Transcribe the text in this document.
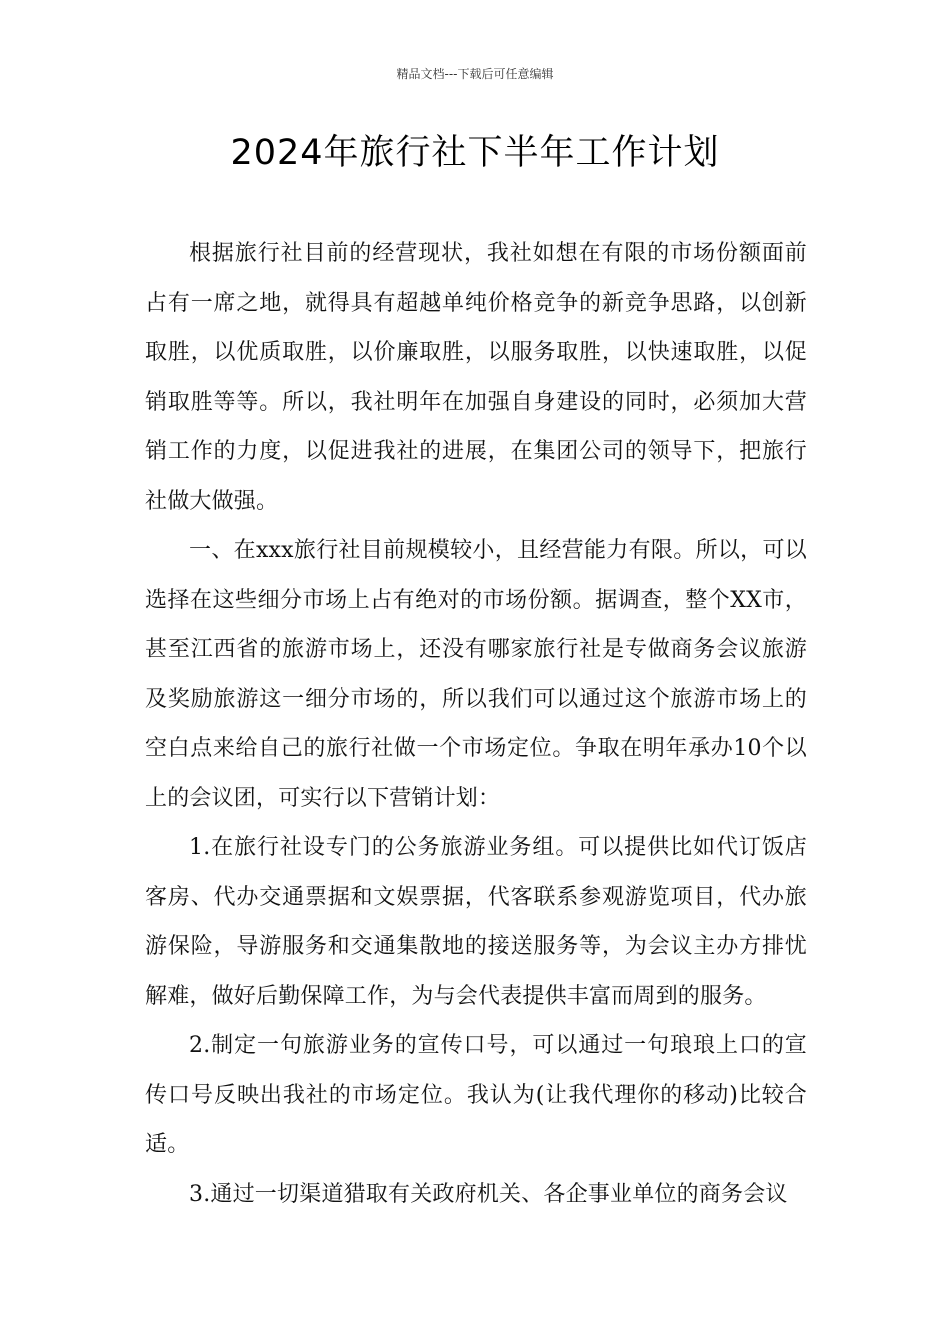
精品文档---下载后可任意编辑
2024年旅行社下半年工作计划

根据旅行社目前的经营现状，我社如想在有限的市场份额面前占有一席之地，就得具有超越单纯价格竞争的新竞争思路，以创新取胜，以优质取胜，以价廉取胜，以服务取胜，以快速取胜，以促销取胜等等。所以，我社明年在加强自身建设的同时，必须加大营销工作的力度，以促进我社的进展，在集团公司的领导下，把旅行社做大做强。

一、在xxx旅行社目前规模较小，且经营能力有限。所以，可以选择在这些细分市场上占有绝对的市场份额。据调查，整个XX市，甚至江西省的旅游市场上，还没有哪家旅行社是专做商务会议旅游及奖励旅游这一细分市场的，所以我们可以通过这个旅游市场上的空白点来给自己的旅行社做一个市场定位。争取在明年承办10个以上的会议团，可实行以下营销计划：

1.在旅行社设专门的公务旅游业务组。可以提供比如代订饭店客房、代办交通票据和文娱票据，代客联系参观游览项目，代办旅游保险，导游服务和交通集散地的接送服务等，为会议主办方排忧解难，做好后勤保障工作，为与会代表提供丰富而周到的服务。

2.制定一句旅游业务的宣传口号，可以通过一句琅琅上口的宣传口号反映出我社的市场定位。我认为(让我代理你的移动)比较合适。

3.通过一切渠道猎取有关政府机关、各企事业单位的商务会议
